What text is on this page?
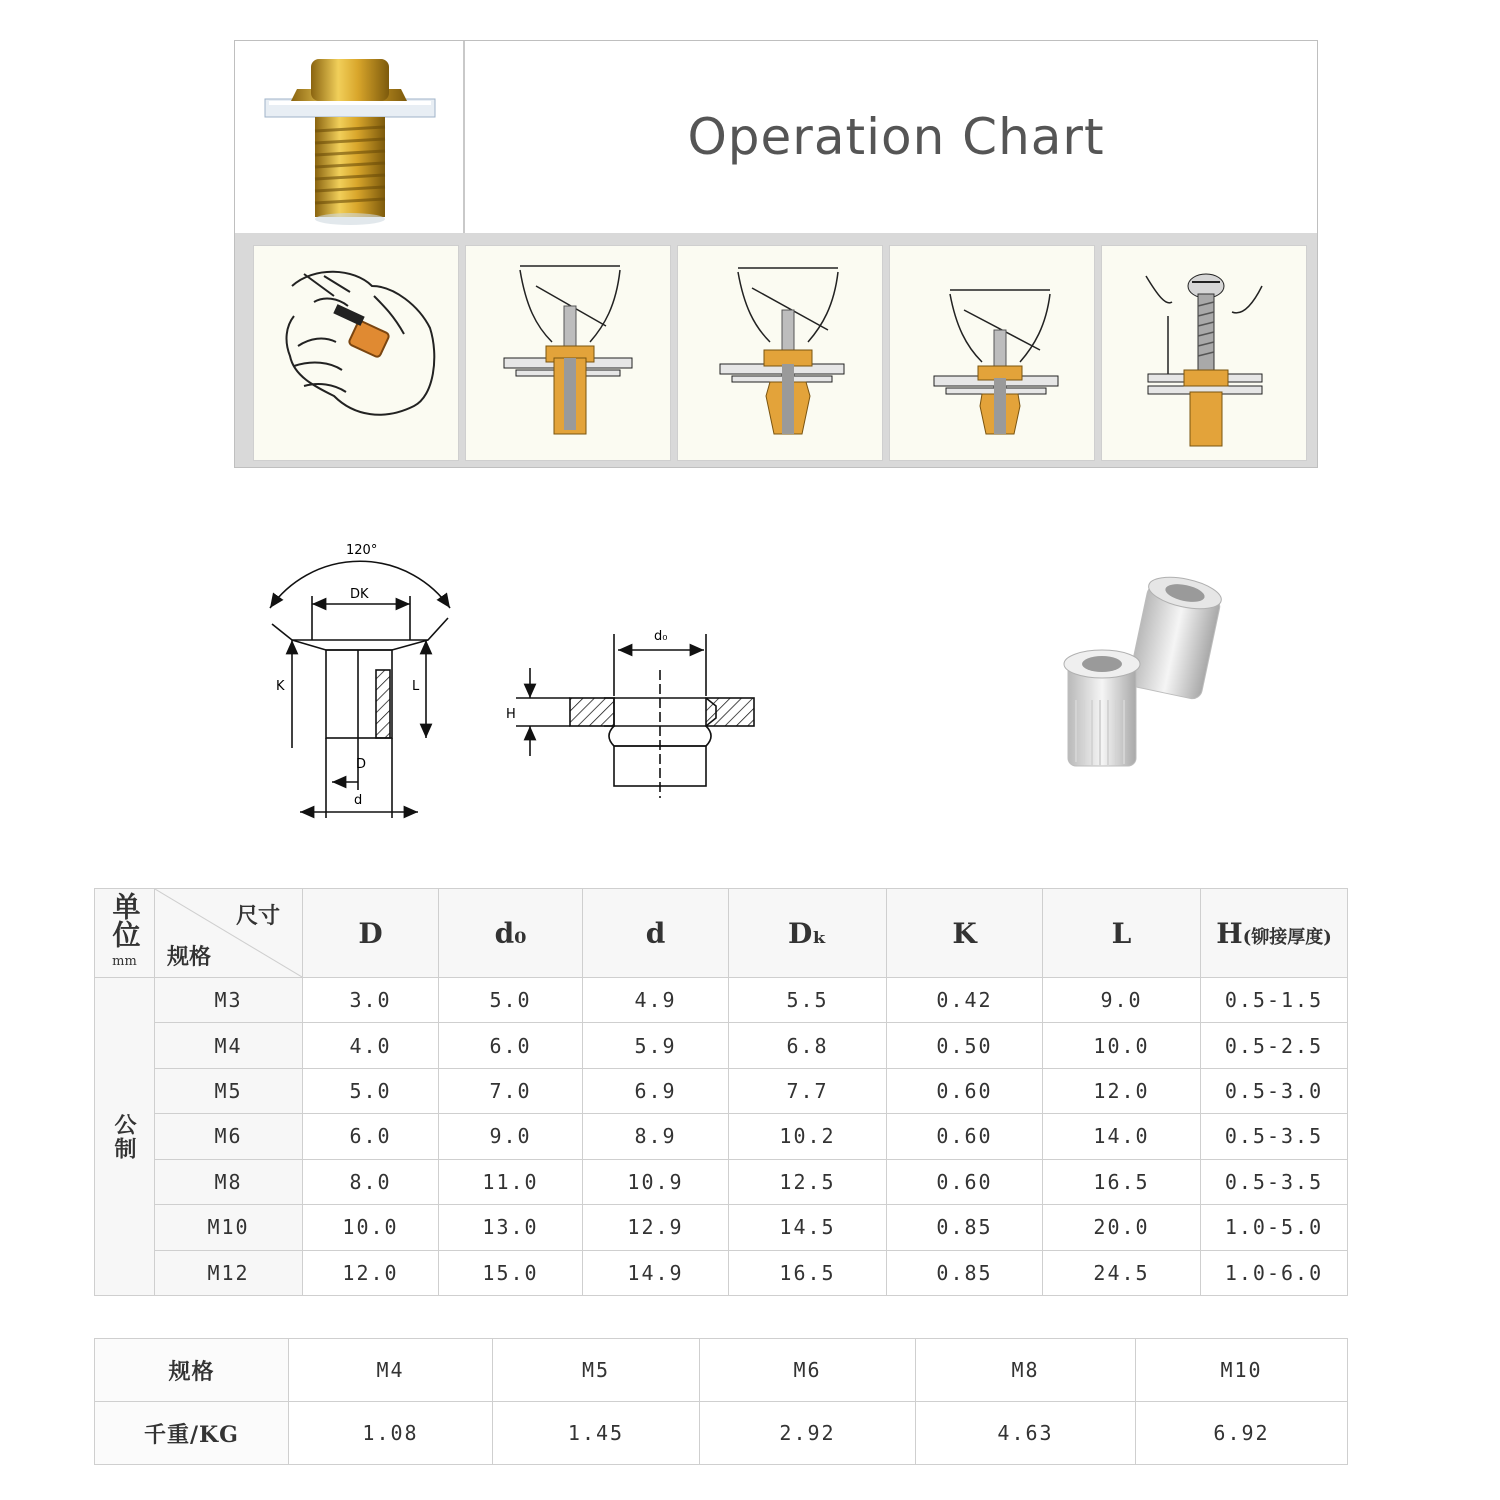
Operation Chart
120°
DK
K	L
D
d
d₀
H
单位
mm	尺寸
规格	D	d₀	d	Dₖ	K	L	H(铆接厚度)
公制	M3	3.0	5.0	4.9	5.5	0.42	9.0	0.5-1.5
	M4	4.0	6.0	5.9	6.8	0.50	10.0	0.5-2.5
	M5	5.0	7.0	6.9	7.7	0.60	12.0	0.5-3.0
	M6	6.0	9.0	8.9	10.2	0.60	14.0	0.5-3.5
	M8	8.0	11.0	10.9	12.5	0.60	16.5	0.5-3.5
	M10	10.0	13.0	12.9	14.5	0.85	20.0	1.0-5.0
	M12	12.0	15.0	14.9	16.5	0.85	24.5	1.0-6.0
规格	M4	M5	M6	M8	M10
千重/KG	1.08	1.45	2.92	4.63	6.92
